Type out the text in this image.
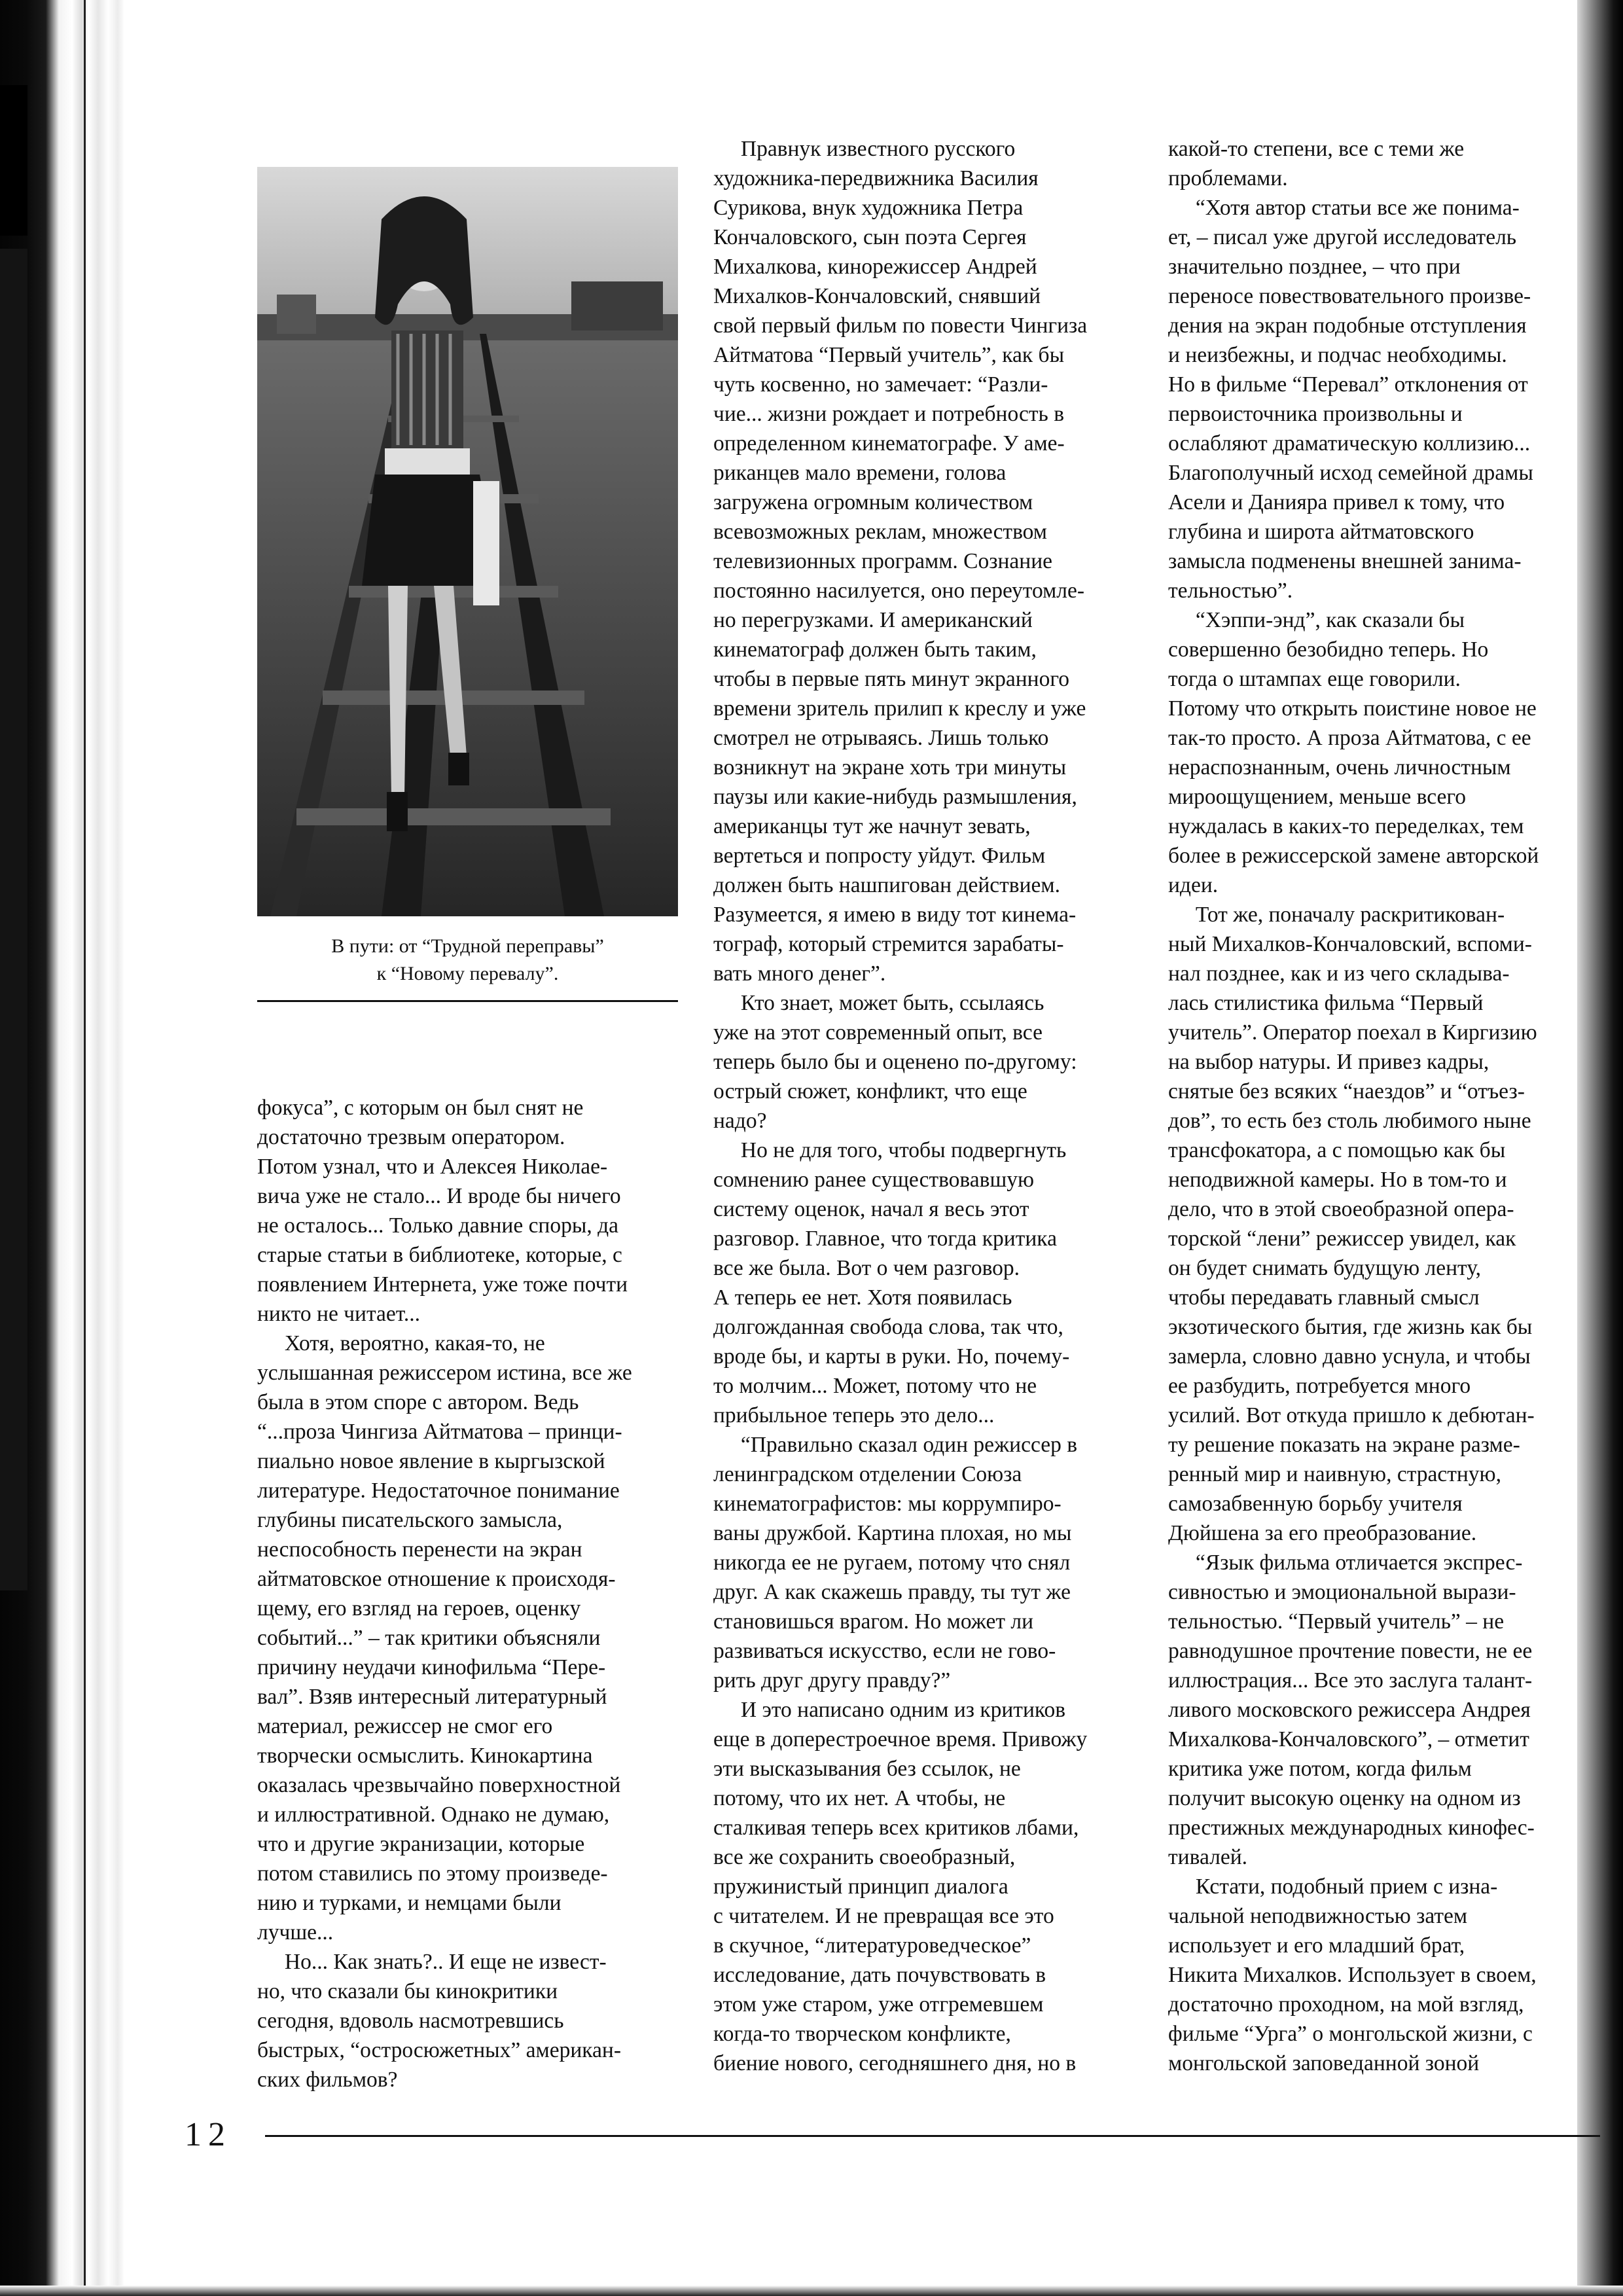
В пути: от “Трудной переправы”
к “Новому перевалу”.
фокуса”, с которым он был снят не
достаточно трезвым оператором.
Потом узнал, что и Алексея Николае-
вича уже не стало... И вроде бы ничего
не осталось... Только давние споры, да
старые статьи в библиотеке, которые, с
появлением Интернета, уже тоже почти
никто не читает...
Хотя, вероятно, какая-то, не
услышанная режиссером истина, все же
была в этом споре с автором. Ведь
“...проза Чингиза Айтматова – принци-
пиально новое явление в кыргызской
литературе. Недостаточное понимание
глубины писательского замысла,
неспособность перенести на экран
айтматовское отношение к происходя-
щему, его взгляд на героев, оценку
событий...” – так критики объясняли
причину неудачи кинофильма “Пере-
вал”. Взяв интересный литературный
материал, режиссер не смог его
творчески осмыслить. Кинокартина
оказалась чрезвычайно поверхностной
и иллюстративной. Однако не думаю,
что и другие экранизации, которые
потом ставились по этому произведе-
нию и турками, и немцами были
лучше...
Но... Как знать?.. И еще не извест-
но, что сказали бы кинокритики
сегодня, вдоволь насмотревшись
быстрых, “остросюжетных” американ-
ских фильмов?
Правнук известного русского
художника-передвижника Василия
Сурикова, внук художника Петра
Кончаловского, сын поэта Сергея
Михалкова, кинорежиссер Андрей
Михалков-Кончаловский, снявший
свой первый фильм по повести Чингиза
Айтматова “Первый учитель”, как бы
чуть косвенно, но замечает: “Разли-
чие... жизни рождает и потребность в
определенном кинематографе. У аме-
риканцев мало времени, голова
загружена огромным количеством
всевозможных реклам, множеством
телевизионных программ. Сознание
постоянно насилуется, оно переутомле-
но перегрузками. И американский
кинематограф должен быть таким,
чтобы в первые пять минут экранного
времени зритель прилип к креслу и уже
смотрел не отрываясь. Лишь только
возникнут на экране хоть три минуты
паузы или какие-нибудь размышления,
американцы тут же начнут зевать,
вертеться и попросту уйдут. Фильм
должен быть нашпигован действием.
Разумеется, я имею в виду тот кинема-
тограф, который стремится зарабаты-
вать много денег”.
Кто знает, может быть, ссылаясь
уже на этот современный опыт, все
теперь было бы и оценено по-другому:
острый сюжет, конфликт, что еще
надо?
Но не для того, чтобы подвергнуть
сомнению ранее существовавшую
систему оценок, начал я весь этот
разговор. Главное, что тогда критика
все же была. Вот о чем разговор.
А теперь ее нет. Хотя появилась
долгожданная свобода слова, так что,
вроде бы, и карты в руки. Но, почему-
то молчим... Может, потому что не
прибыльное теперь это дело...
“Правильно сказал один режиссер в
ленинградском отделении Союза
кинематографистов: мы коррумпиро-
ваны дружбой. Картина плохая, но мы
никогда ее не ругаем, потому что снял
друг. А как скажешь правду, ты тут же
становишься врагом. Но может ли
развиваться искусство, если не гово-
рить друг другу правду?”
И это написано одним из критиков
еще в доперестроечное время. Привожу
эти высказывания без ссылок, не
потому, что их нет. А чтобы, не
сталкивая теперь всех критиков лбами,
все же сохранить своеобразный,
пружинистый принцип диалога
с читателем. И не превращая все это
в скучное, “литературоведческое”
исследование, дать почувствовать в
этом уже старом, уже отгремевшем
когда-то творческом конфликте,
биение нового, сегодняшнего дня, но в
какой-то степени, все с теми же
проблемами.
“Хотя автор статьи все же понима-
ет, – писал уже другой исследователь
значительно позднее, – что при
переносе повествовательного произве-
дения на экран подобные отступления
и неизбежны, и подчас необходимы.
Но в фильме “Перевал” отклонения от
первоисточника произвольны и
ослабляют драматическую коллизию...
Благополучный исход семейной драмы
Асели и Данияра привел к тому, что
глубина и широта айтматовского
замысла подменены внешней занима-
тельностью”.
“Хэппи-энд”, как сказали бы
совершенно безобидно теперь. Но
тогда о штампах еще говорили.
Потому что открыть поистине новое не
так-то просто. А проза Айтматова, с ее
нераспознанным, очень личностным
мироощущением, меньше всего
нуждалась в каких-то переделках, тем
более в режиссерской замене авторской
идеи.
Тот же, поначалу раскритикован-
ный Михалков-Кончаловский, вспоми-
нал позднее, как и из чего складыва-
лась стилистика фильма “Первый
учитель”. Оператор поехал в Киргизию
на выбор натуры. И привез кадры,
снятые без всяких “наездов” и “отъез-
дов”, то есть без столь любимого ныне
трансфокатора, а с помощью как бы
неподвижной камеры. Но в том-то и
дело, что в этой своеобразной опера-
торской “лени” режиссер увидел, как
он будет снимать будущую ленту,
чтобы передавать главный смысл
экзотического бытия, где жизнь как бы
замерла, словно давно уснула, и чтобы
ее разбудить, потребуется много
усилий. Вот откуда пришло к дебютан-
ту решение показать на экране разме-
ренный мир и наивную, страстную,
самозабвенную борьбу учителя
Дюйшена за его преобразование.
“Язык фильма отличается экспрес-
сивностью и эмоциональной вырази-
тельностью. “Первый учитель” – не
равнодушное прочтение повести, не ее
иллюстрация... Все это заслуга талант-
ливого московского режиссера Андрея
Михалкова-Кончаловского”, – отметит
критика уже потом, когда фильм
получит высокую оценку на одном из
престижных международных кинофес-
тивалей.
Кстати, подобный прием с изна-
чальной неподвижностью затем
использует и его младший брат,
Никита Михалков. Использует в своем,
достаточно проходном, на мой взгляд,
фильме “Урга” о монгольской жизни, с
монгольской заповеданной зоной
12
